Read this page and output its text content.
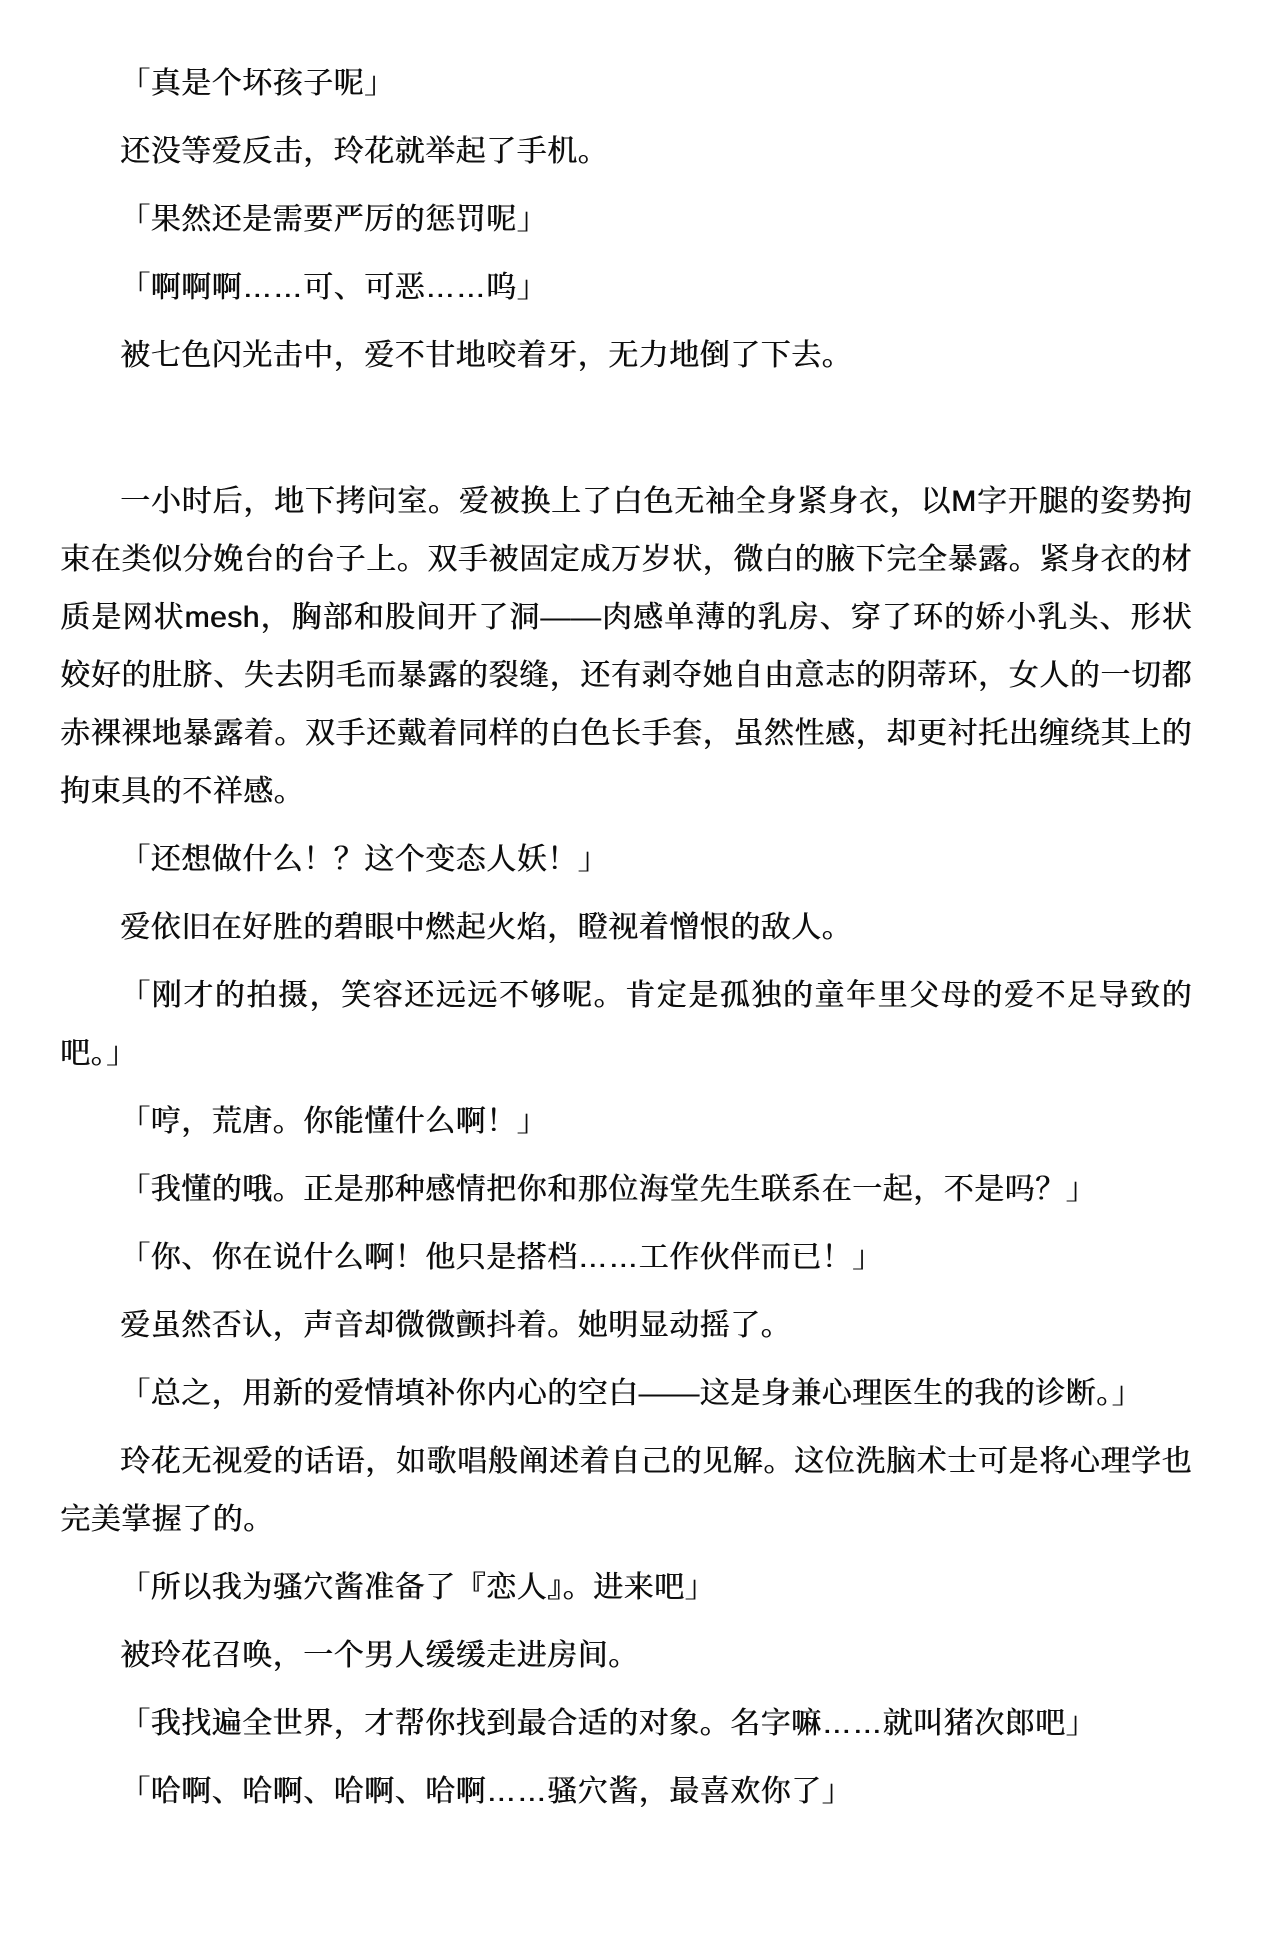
「真是个坏孩子呢」

还没等爱反击，玲花就举起了手机。

「果然还是需要严厉的惩罚呢」

「啊啊啊……可、可恶……呜」

被七色闪光击中，爱不甘地咬着牙，无力地倒了下去。

一小时后，地下拷问室。爱被换上了白色无袖全身紧身衣，以M字开腿的姿势拘束在类似分娩台的台子上。双手被固定成万岁状，微白的腋下完全暴露。紧身衣的材质是网状mesh，胸部和股间开了洞——肉感单薄的乳房、穿了环的娇小乳头、形状姣好的肚脐、失去阴毛而暴露的裂缝，还有剥夺她自由意志的阴蒂环，女人的一切都赤裸裸地暴露着。双手还戴着同样的白色长手套，虽然性感，却更衬托出缠绕其上的拘束具的不祥感。

「还想做什么！？这个变态人妖！」

爱依旧在好胜的碧眼中燃起火焰，瞪视着憎恨的敌人。

「刚才的拍摄，笑容还远远不够呢。肯定是孤独的童年里父母的爱不足导致的吧。」

「哼，荒唐。你能懂什么啊！」

「我懂的哦。正是那种感情把你和那位海堂先生联系在一起，不是吗？」

「你、你在说什么啊！他只是搭档……工作伙伴而已！」

爱虽然否认，声音却微微颤抖着。她明显动摇了。

「总之，用新的爱情填补你内心的空白——这是身兼心理医生的我的诊断。」

玲花无视爱的话语，如歌唱般阐述着自己的见解。这位洗脑术士可是将心理学也完美掌握了的。

「所以我为骚穴酱准备了『恋人』。进来吧」

被玲花召唤，一个男人缓缓走进房间。

「我找遍全世界，才帮你找到最合适的对象。名字嘛……就叫猪次郎吧」

「哈啊、哈啊、哈啊、哈啊……骚穴酱，最喜欢你了」
